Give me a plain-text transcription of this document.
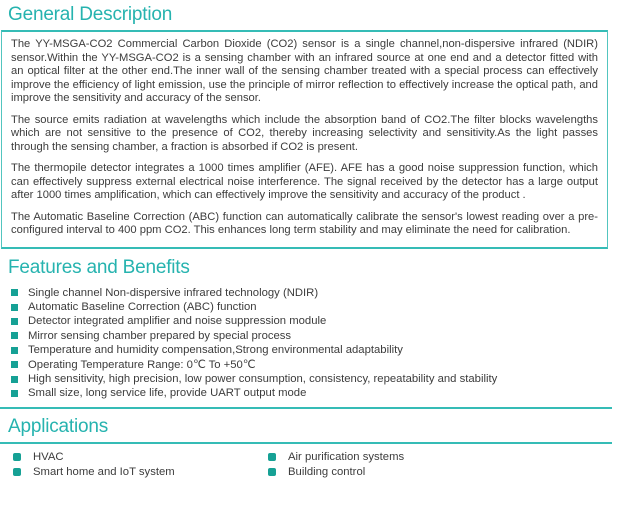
General Description

The YY-MSGA-CO2 Commercial Carbon Dioxide (CO2) sensor is a single channel,non-dispersive infrared (NDIR) sensor.Within the YY-MSGA-CO2 is a sensing chamber with an infrared source at one end and a detector fitted with an optical filter at the other end.The inner wall of the sensing chamber treated with a special process can effectively improve the efficiency of light emission, use the principle of mirror reflection to effectively increase the optical path, and improve the sensitivity and accuracy of the sensor.

The source emits radiation at wavelengths which include the absorption band of CO2.The filter blocks wavelengths which are not sensitive to the presence of CO2, thereby increasing selectivity and sensitivity.As the light passes through the sensing chamber, a fraction is absorbed if CO2 is present.

The thermopile detector integrates a 1000 times amplifier (AFE). AFE has a good noise suppression function, which can effectively suppress external electrical noise interference. The signal received by the detector has a large output after 1000 times amplification, which can effectively improve the sensitivity and accuracy of the product .

The Automatic Baseline Correction (ABC) function can automatically calibrate the sensor's lowest reading over a pre-configured interval to 400 ppm CO2. This enhances long term stability and may eliminate the need for calibration.

Features and Benefits
Single channel Non-dispersive infrared technology (NDIR)
Automatic Baseline Correction (ABC) function
Detector integrated amplifier and noise suppression module
Mirror sensing chamber prepared by special process
Temperature and humidity compensation,Strong environmental adaptability
Operating Temperature Range: 0℃ To +50℃
High sensitivity, high precision, low power consumption, consistency, repeatability and stability
Small size, long service life, provide UART output mode
Applications
HVAC
Smart home and IoT system
Air purification systems
Building control
